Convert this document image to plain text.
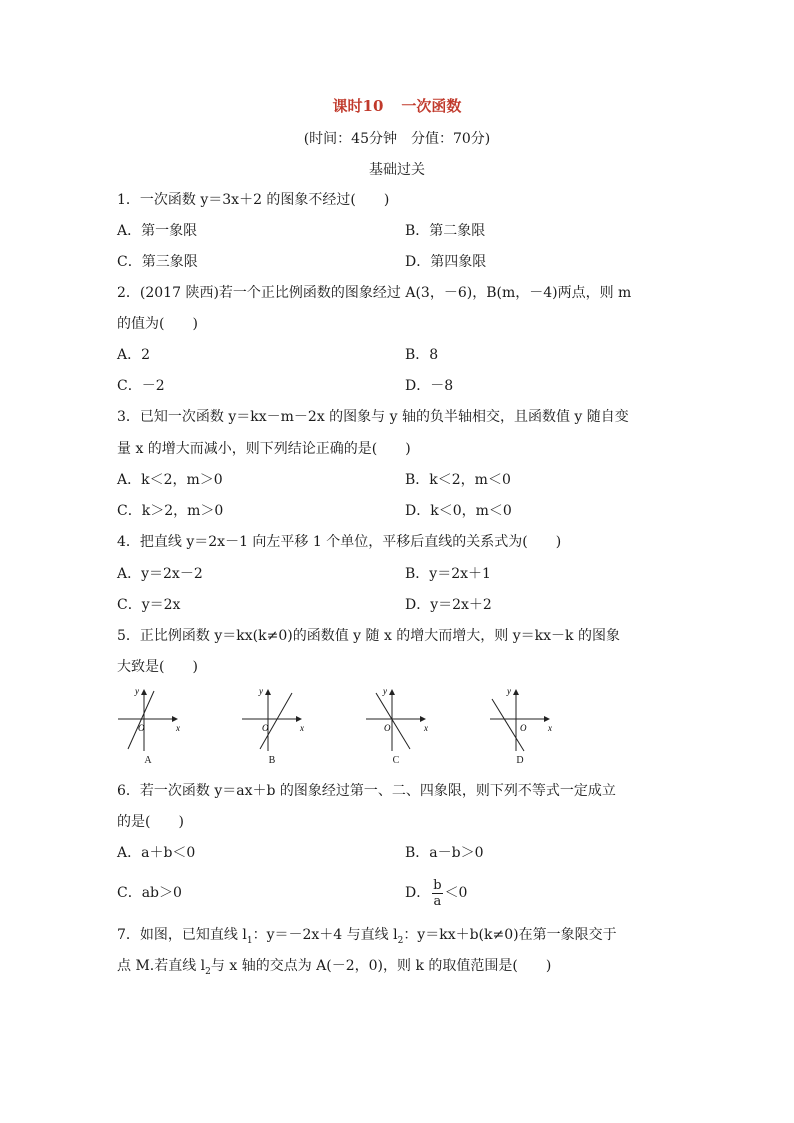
课时10 一次函数
(时间：45分钟　分值：70分)
基础过关
1．一次函数 y＝3x＋2 的图象不经过(　　)
A．第一象限	B．第二象限
C．第三象限	D．第四象限
2．(2017 陕西)若一个正比例函数的图象经过 A(3，－6)，B(m，－4)两点，则 m
的值为(　　)
A．2	B．8
C．－2	D．－8
3．已知一次函数 y＝kx－m－2x 的图象与 y 轴的负半轴相交，且函数值 y 随自变
量 x 的增大而减小，则下列结论正确的是(　　)
A．k＜2，m＞0	B．k＜2，m＜0
C．k＞2，m＞0	D．k＜0，m＜0
4．把直线 y＝2x－1 向左平移 1 个单位，平移后直线的关系式为(　　)
A．y＝2x－2	B．y＝2x＋1
C．y＝2x	D．y＝2x＋2
5．正比例函数 y＝kx(k≠0)的函数值 y 随 x 的增大而增大，则 y＝kx－k 的图象
大致是(　　)
O	x
y
A
O	x
y
B
O	x
y
C
O x
y
D
6．若一次函数 y＝ax＋b 的图象经过第一、二、四象限，则下列不等式一定成立
的是(　　)
A．a＋b＜0	B．a－b＞0
C．ab＞0	D． $\frac{b}{a} <0$
7．如图，已知直线 $l_1$：y＝－2x＋4 与直线 $l_2$：y＝kx＋b(k≠0)在第一象限交于
点 M.若直线 $l_2$与 x 轴的交点为 A(－2，0)，则 k 的取值范围是(　　)
